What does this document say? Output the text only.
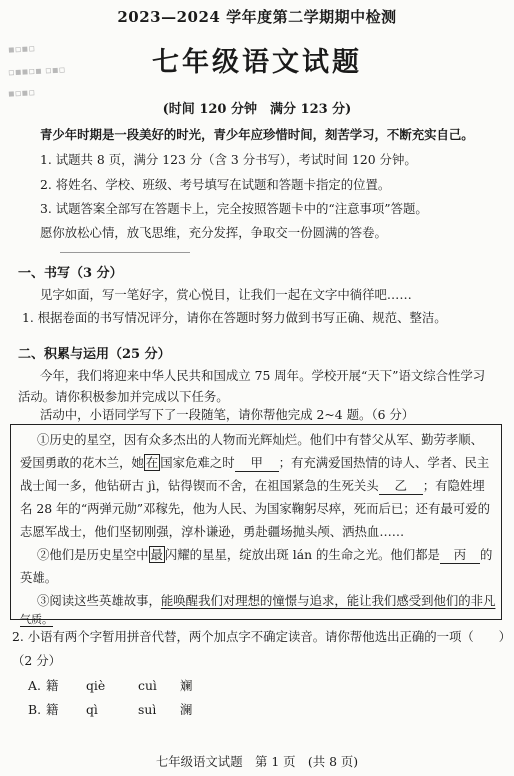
▪▫▪▫
▫▪▪▫▪ ▫▪▫
▪▫▪▫
2023—2024 学年度第二学期期中检测
七年级语文试题
(时间 120 分钟　满分 123 分)
青少年时期是一段美好的时光，青少年应珍惜时间，刻苦学习，不断充实自己。
1. 试题共 8 页，满分 123 分（含 3 分书写），考试时间 120 分钟。
2. 将姓名、学校、班级、考号填写在试题和答题卡指定的位置。
3. 试题答案全部写在答题卡上，完全按照答题卡中的“注意事项”答题。
愿你放松心情，放飞思维，充分发挥，争取交一份圆满的答卷。
一、书写（3 分）
见字如面，写一笔好字，赏心悦目，让我们一起在文字中徜徉吧……
1. 根据卷面的书写情况评分，请你在答题时努力做到书写正确、规范、整洁。
二、积累与运用（25 分）
今年，我们将迎来中华人民共和国成立 75 周年。学校开展“天下”语文综合性学习
活动。请你积极参加并完成以下任务。
活动中，小语同学写下了一段随笔，请你帮他完成 2~4 题。（6 分）
①历史的星空，因有众多杰出的人物而光辉灿烂。他们中有替父从军、勤劳孝顺、
爱国勇敢的花木兰，她 在 国家危难之时 甲 ；有充满爱国热情的诗人、学者、民主
战士闻一多，他钻研古 jì，钻得锲而不舍，在祖国紧急的生死关头 乙 ；有隐姓埋
名 28 年的“两弹元勋”邓稼先，他为人民、为国家鞠躬尽瘁，死而后已；还有最可爱的
志愿军战士，他们坚韧刚强，淳朴谦逊，勇赴疆场抛头颅、洒热血……
②他们是历史星空中 最 闪耀的星星，绽放出斑 lán 的生命之光。他们都是 丙 的
英雄。
③阅读这些英雄故事，能唤醒我们对理想的憧憬与追求，能让我们感受到他们的非凡
气质。
2. 小语有两个字暂用拼音代替，两个加点字不确定读音。请你帮他选出正确的一项（　　）
（2 分）
A. 籍 qiè	cuì 斓
B. 籍 qì	suì 澜
七年级语文试题　第 1 页　(共 8 页)
